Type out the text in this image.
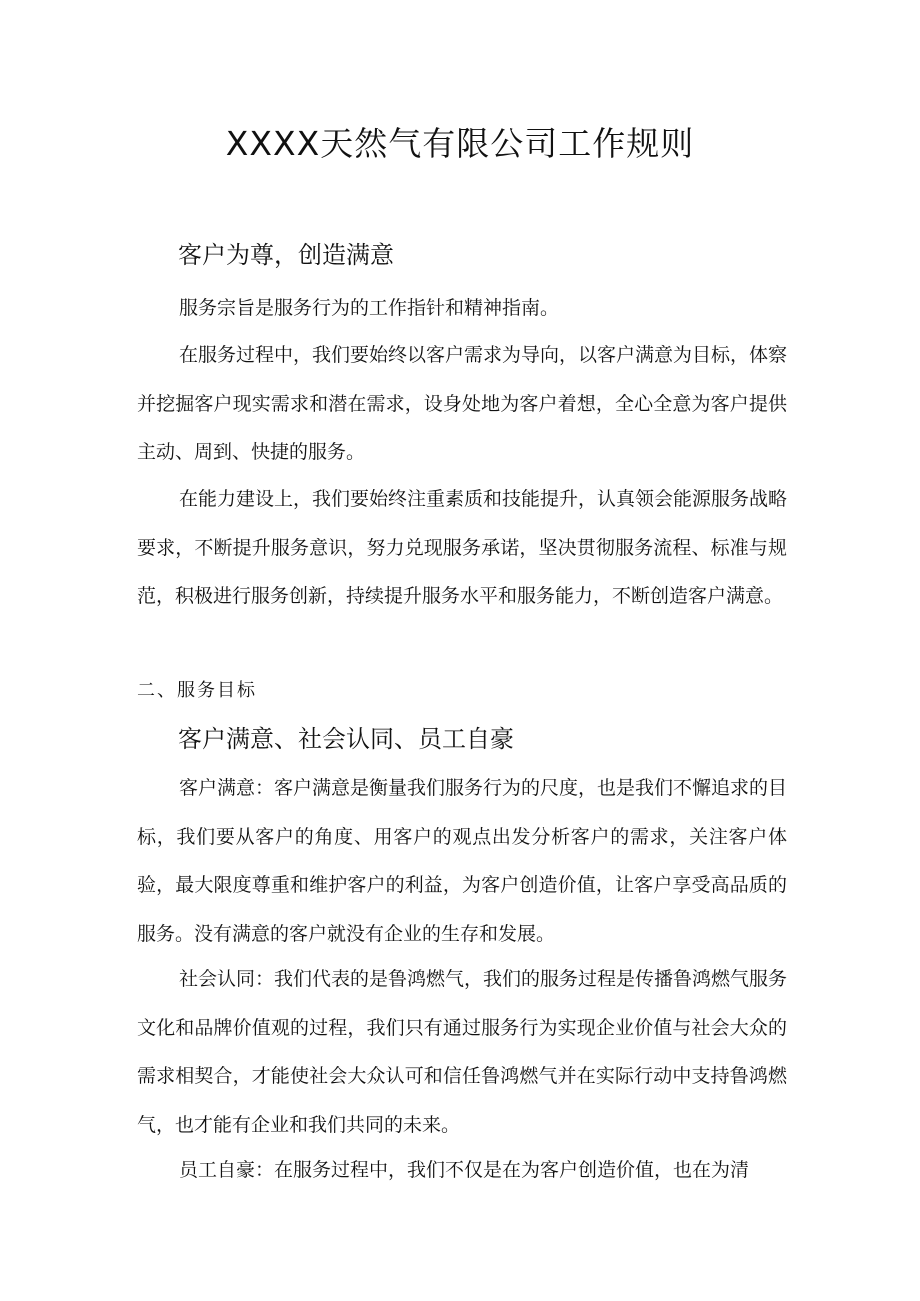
XXXX天然气有限公司工作规则
客户为尊，创造满意

服务宗旨是服务行为的工作指针和精神指南。

在服务过程中，我们要始终以客户需求为导向，以客户满意为目标，体察并挖掘客户现实需求和潜在需求，设身处地为客户着想，全心全意为客户提供主动、周到、快捷的服务。

在能力建设上，我们要始终注重素质和技能提升，认真领会能源服务战略要求，不断提升服务意识，努力兑现服务承诺，坚决贯彻服务流程、标准与规范，积极进行服务创新，持续提升服务水平和服务能力，不断创造客户满意。

二、服务目标
客户满意、社会认同、员工自豪

客户满意：客户满意是衡量我们服务行为的尺度，也是我们不懈追求的目标，我们要从客户的角度、用客户的观点出发分析客户的需求，关注客户体验，最大限度尊重和维护客户的利益，为客户创造价值，让客户享受高品质的服务。没有满意的客户就没有企业的生存和发展。

社会认同：我们代表的是鲁鸿燃气，我们的服务过程是传播鲁鸿燃气服务文化和品牌价值观的过程，我们只有通过服务行为实现企业价值与社会大众的需求相契合，才能使社会大众认可和信任鲁鸿燃气并在实际行动中支持鲁鸿燃气，也才能有企业和我们共同的未来。

员工自豪：在服务过程中，我们不仅是在为客户创造价值，也在为清
